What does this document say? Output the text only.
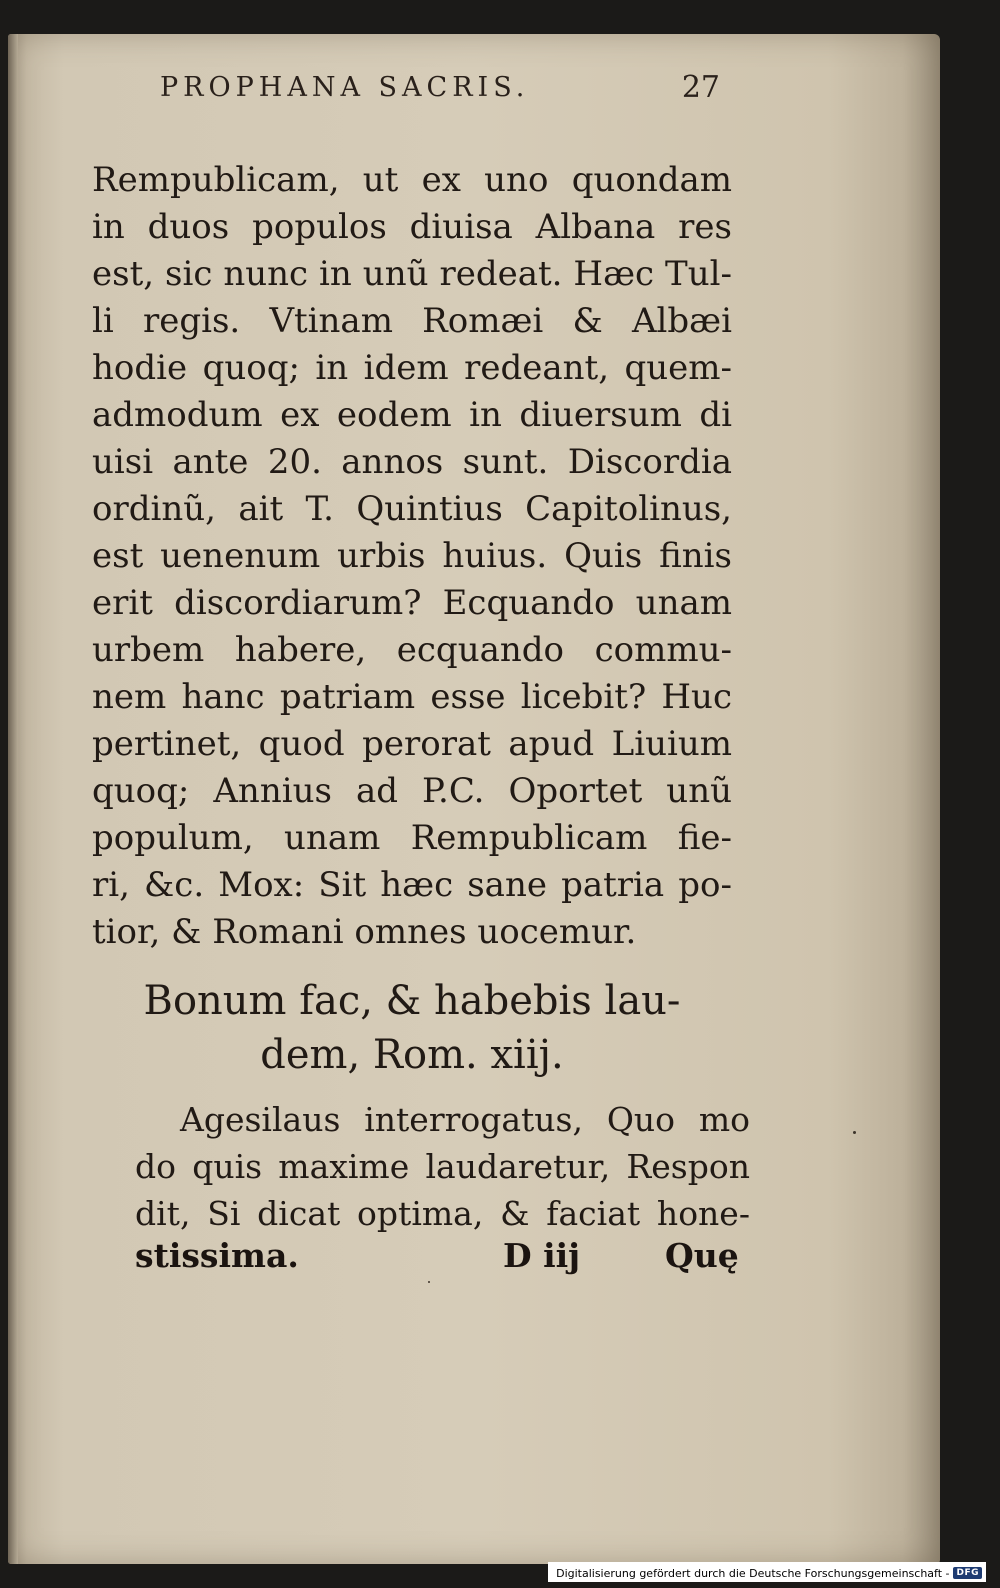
PROPHANA SACRIS.	27
Rempublicam, ut ex uno quondam
in duos populos diuisa Albana res
est, sic nunc in unũ redeat. Hæc Tul-
li regis. Vtinam Romæi & Albæi
hodie quoq; in idem redeant, quem-
admodum ex eodem in diuersum di
uisi ante 20. annos sunt. Discordia
ordinũ, ait T. Quintius Capitolinus,
est uenenum urbis huius. Quis finis
erit discordiarum? Ecquando unam
urbem habere, ecquando commu-
nem hanc patriam esse licebit? Huc
pertinet, quod perorat apud Liuium
quoq; Annius ad P.C. Oportet unũ
populum, unam Rempublicam fie-
ri, &c. Mox: Sit hæc sane patria po-
tior, & Romani omnes uocemur.
Bonum fac, & habebis lau-
dem, Rom. xiij.
Agesilaus interrogatus, Quo mo
do quis maxime laudaretur, Respon
dit, Si dicat optima, & faciat hone-
stissima.	D iij	Quę
Digitalisierung gefördert durch die Deutsche Forschungsgemeinschaft - DFG
